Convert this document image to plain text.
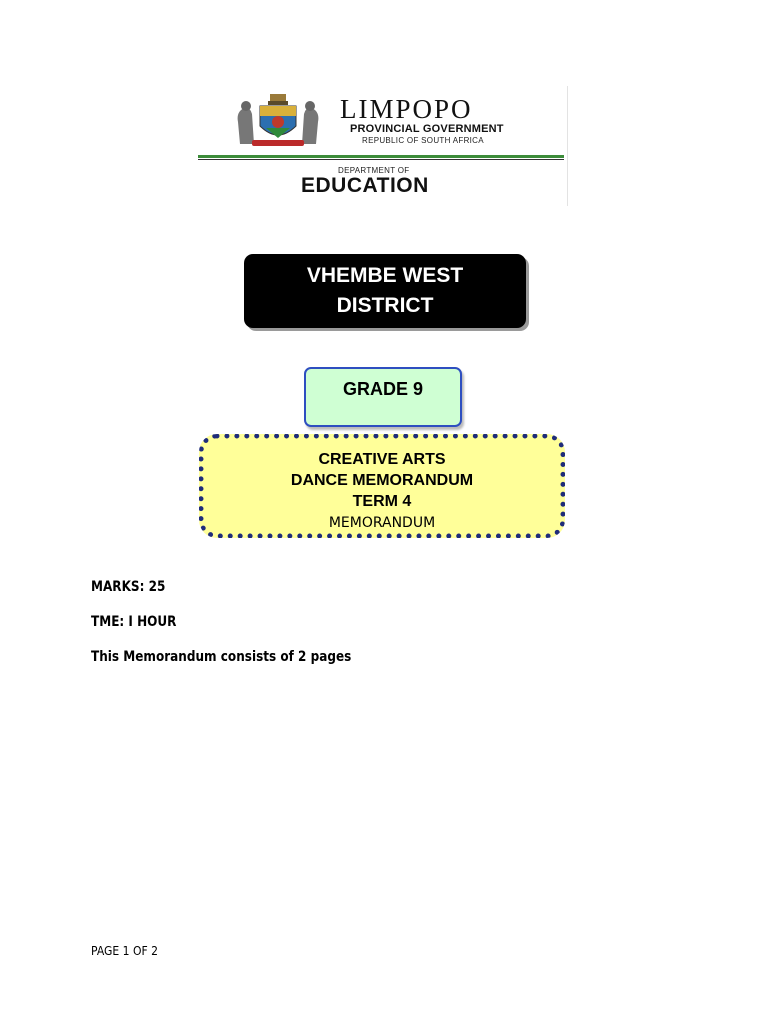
LIMPOPO
PROVINCIAL GOVERNMENT
REPUBLIC OF SOUTH AFRICA
DEPARTMENT OF
EDUCATION
VHEMBE WEST
DISTRICT
GRADE 9
CREATIVE ARTS
DANCE MEMORANDUM
TERM 4
MEMORANDUM
MARKS: 25
TME: I HOUR
This Memorandum consists of 2 pages
PAGE 1 OF 2
